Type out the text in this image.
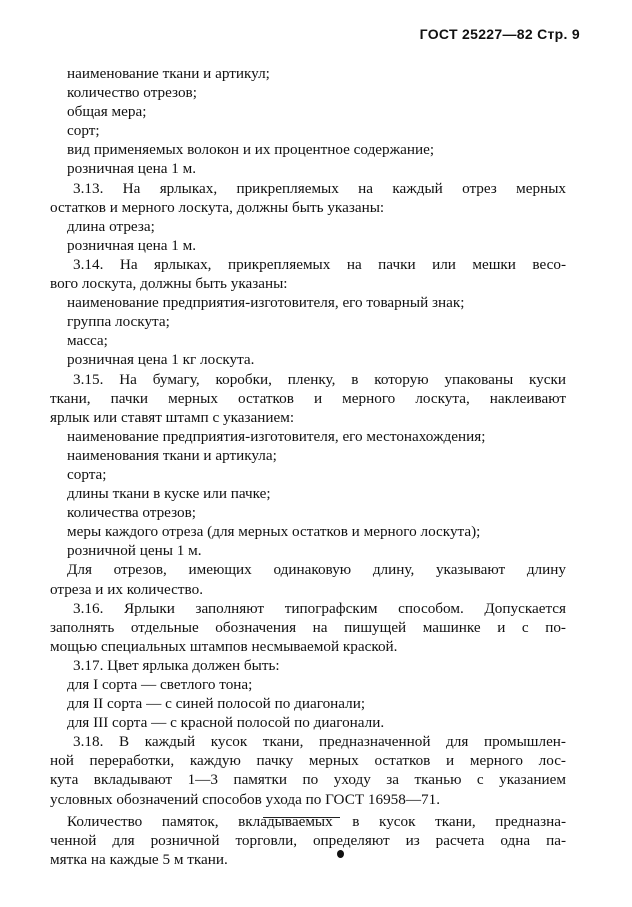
ГОСТ 25227—82 Стр. 9
наименование ткани и артикул;
количество отрезов;
общая мера;
сорт;
вид применяемых волокон и их процентное содержание;
розничная цена 1 м.
3.13. На ярлыках, прикрепляемых на каждый отрез мерных
остатков и мерного лоскута, должны быть указаны:
длина отреза;
розничная цена 1 м.
3.14. На ярлыках, прикрепляемых на пачки или мешки весо-
вого лоскута, должны быть указаны:
наименование предприятия-изготовителя, его товарный знак;
группа лоскута;
масса;
розничная цена 1 кг лоскута.
3.15. На бумагу, коробки, пленку, в которую упакованы куски
ткани, пачки мерных остатков и мерного лоскута, наклеивают
ярлык или ставят штамп с указанием:
наименование предприятия-изготовителя, его местонахождения;
наименования ткани и артикула;
сорта;
длины ткани в куске или пачке;
количества отрезов;
меры каждого отреза (для мерных остатков и мерного лоскута);
розничной цены 1 м.
Для отрезов, имеющих одинаковую длину, указывают длину
отреза и их количество.
3.16. Ярлыки заполняют типографским способом. Допускается
заполнять отдельные обозначения на пишущей машинке и с по-
мощью специальных штампов несмываемой краской.
3.17. Цвет ярлыка должен быть:
для I сорта — светлого тона;
для II сорта — с синей полосой по диагонали;
для III сорта — с красной полосой по диагонали.
3.18. В каждый кусок ткани, предназначенной для промышлен-
ной переработки, каждую пачку мерных остатков и мерного лос-
кута вкладывают 1—3 памятки по уходу за тканью с указанием
условных обозначений способов ухода по ГОСТ 16958—71.
Количество памяток, вкладываемых в кусок ткани, предназна-
ченной для розничной торговли, определяют из расчета одна па-
мятка на каждые 5 м ткани.
